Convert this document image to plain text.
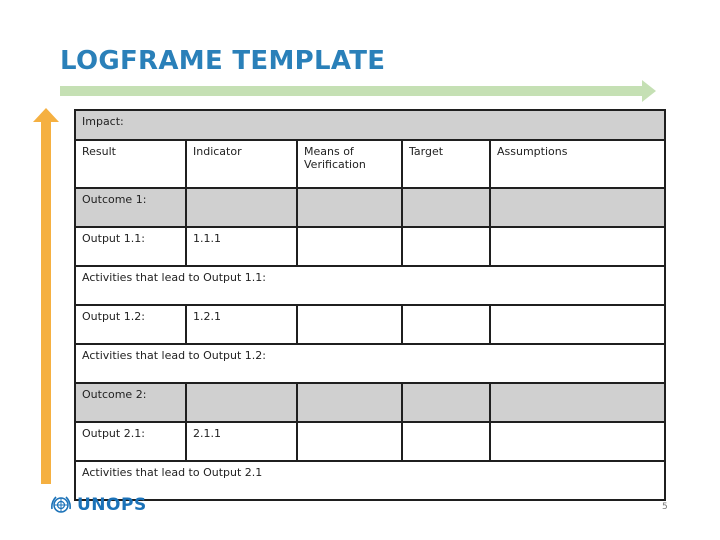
LOGFRAME TEMPLATE
Impact:				
Result	Indicator	Means of Verification	Target	Assumptions
Outcome 1:				
Output 1.1:	1.1.1			
Activities that lead to Output 1.1:				
Output 1.2:	1.2.1			
Activities that lead to Output 1.2:				
Outcome 2:				
Output 2.1:	2.1.1			
Activities that lead to Output 2.1				
UNOPS	5
